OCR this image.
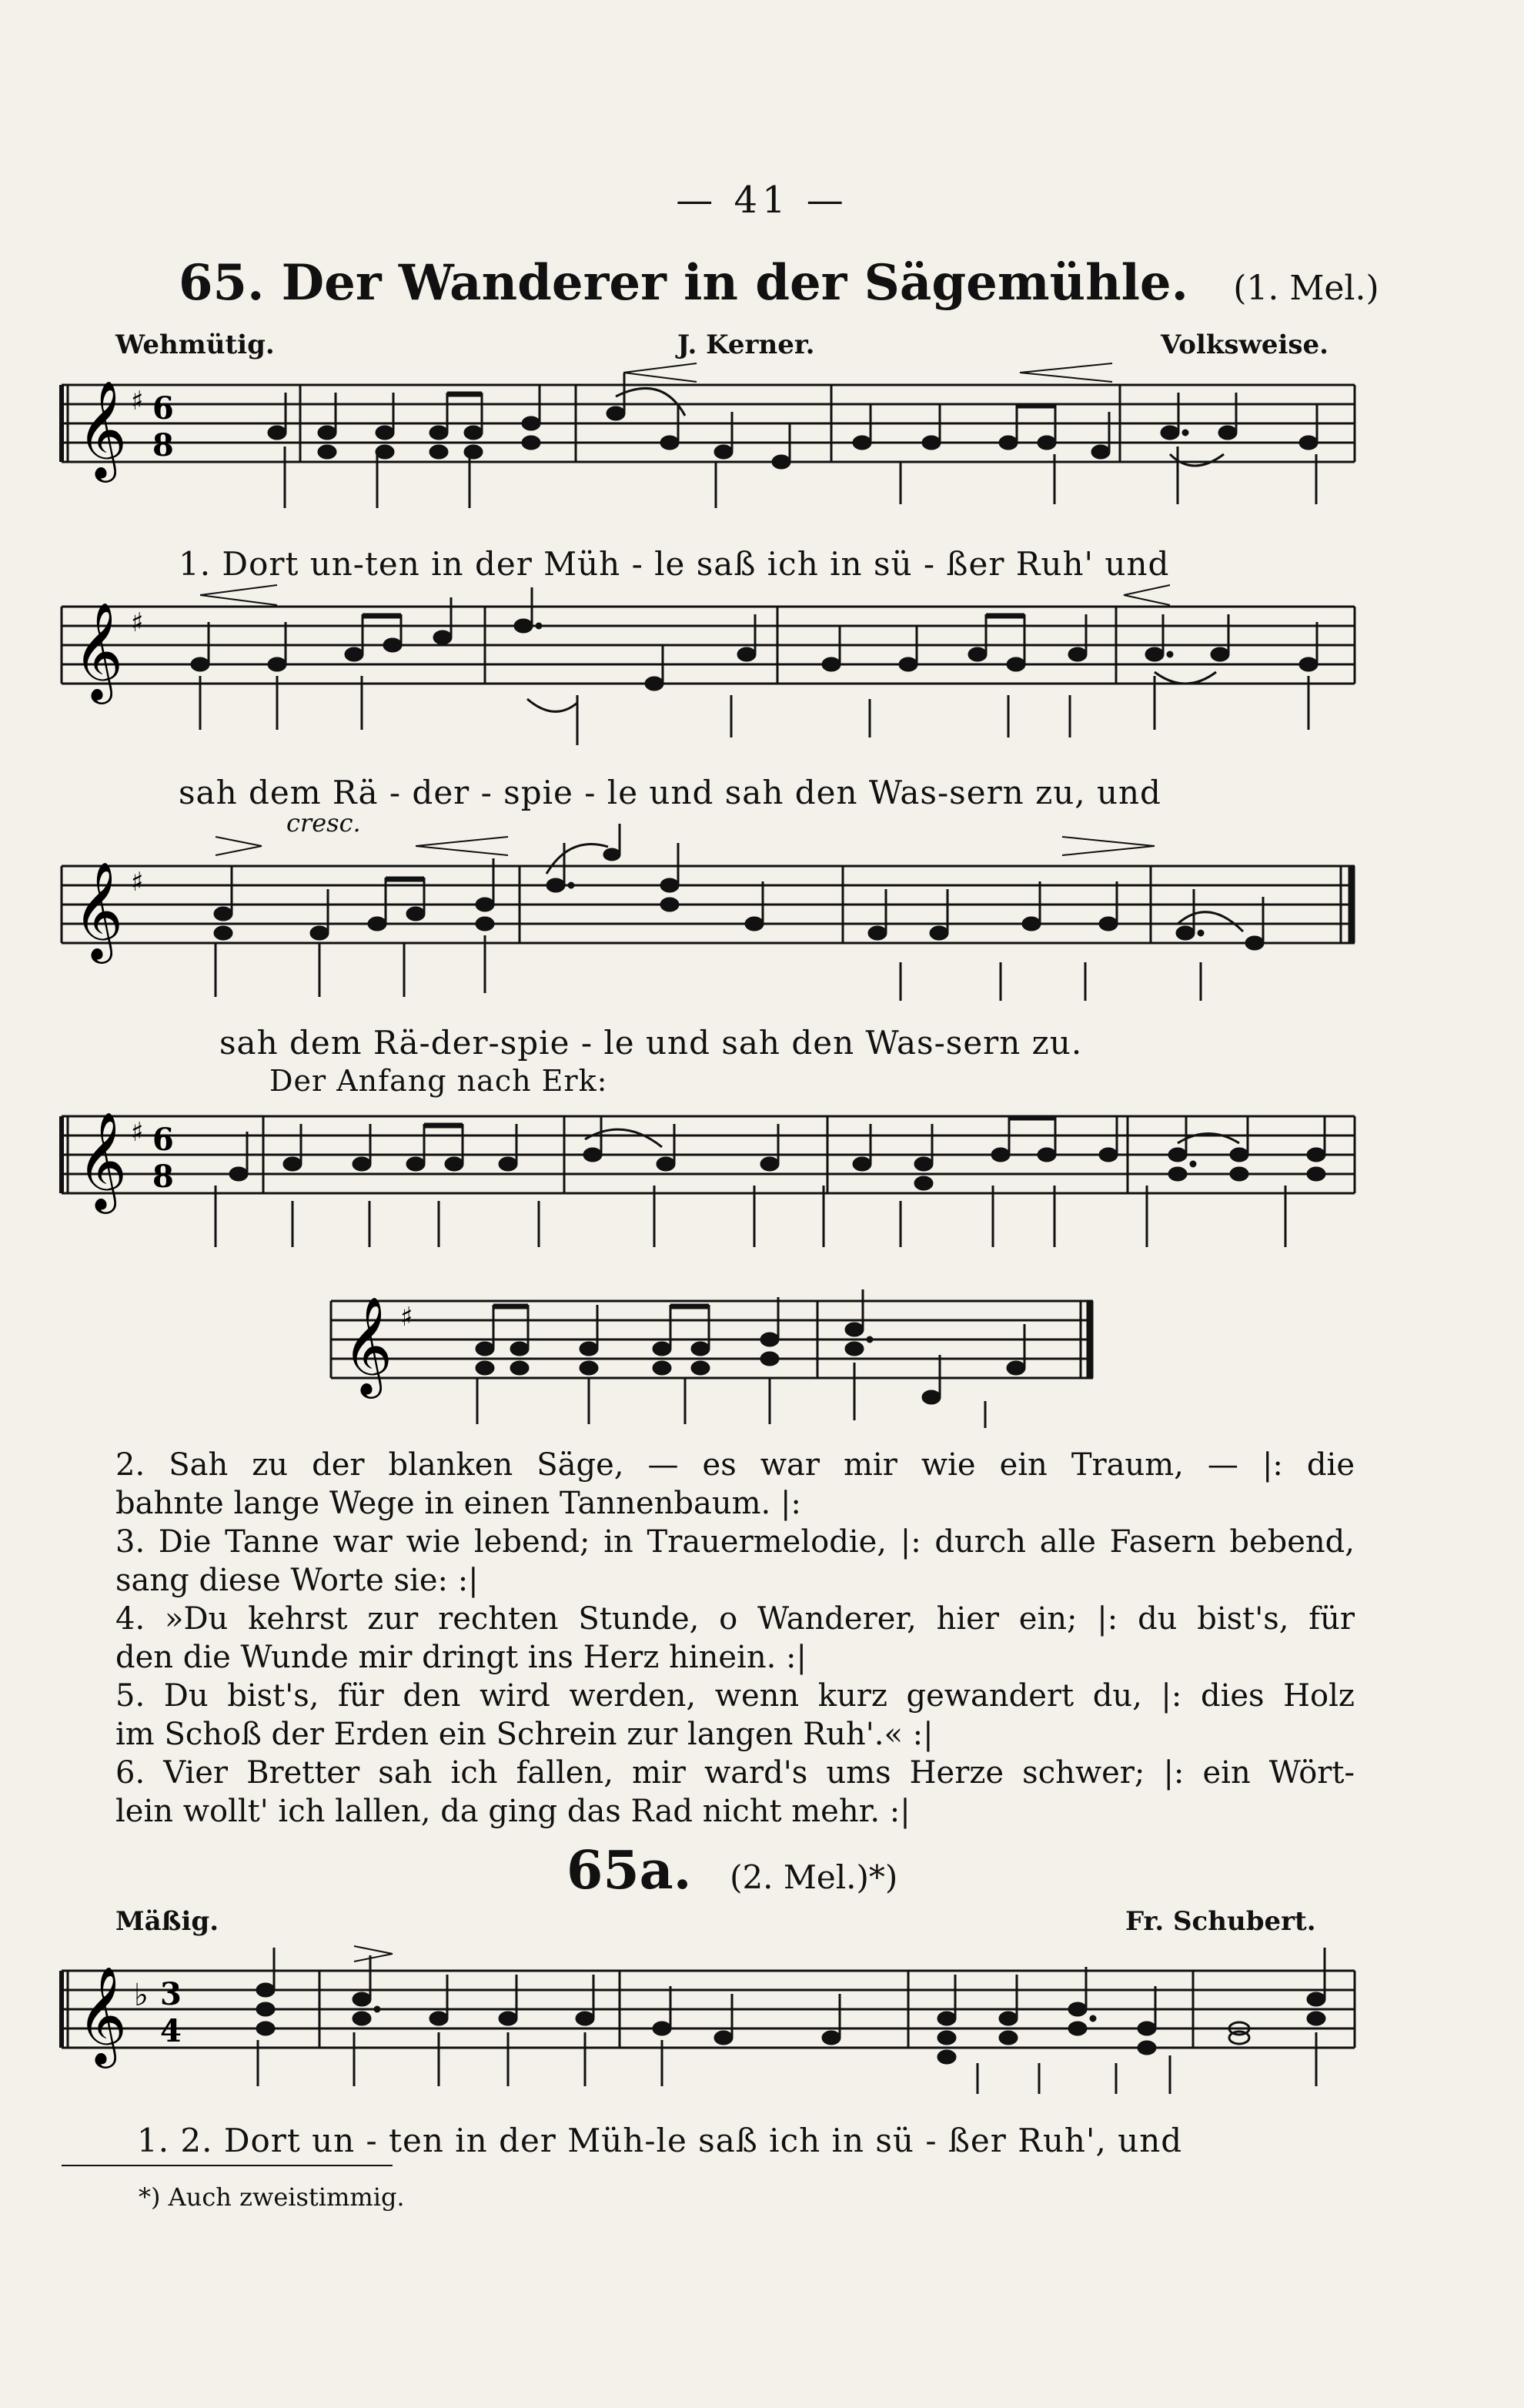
— 41 —
65. Der Wanderer in der Sägemühle. (1. Mel.)
Wehmütig.	J. Kerner.	Volksweise.
𝄞 ♯ 6
8
1. Dort un-ten in der Müh - le saß ich in sü - ßer Ruh' und
𝄞 ♯
sah dem Rä - der - spie - le und sah den Was-sern zu, und
cresc.
𝄞 ♯
sah dem Rä-der-spie - le und sah den Was-sern zu.
Der Anfang nach Erk:
𝄞 ♯ 6
8
𝄞 ♯

2. Sah zu der blanken Säge, — es war mir wie ein Traum, — |: die

bahnte lange Wege in einen Tannenbaum. |:

3. Die Tanne war wie lebend; in Trauermelodie, |: durch alle Fasern bebend,

sang diese Worte sie: :|

4. »Du kehrst zur rechten Stunde, o Wanderer, hier ein; |: du bist's, für

den die Wunde mir dringt ins Herz hinein. :|

5. Du bist's, für den wird werden, wenn kurz gewandert du, |: dies Holz

im Schoß der Erden ein Schrein zur langen Ruh'.« :|

6. Vier Bretter sah ich fallen, mir ward's ums Herze schwer; |: ein Wört-

lein wollt' ich lallen, da ging das Rad nicht mehr. :|

65a. (2. Mel.)*)
Mäßig.	Fr. Schubert.
𝄞 ♭ 3
4
1. 2. Dort un - ten in der Müh-le saß ich in sü - ßer Ruh', und
*) Auch zweistimmig.
